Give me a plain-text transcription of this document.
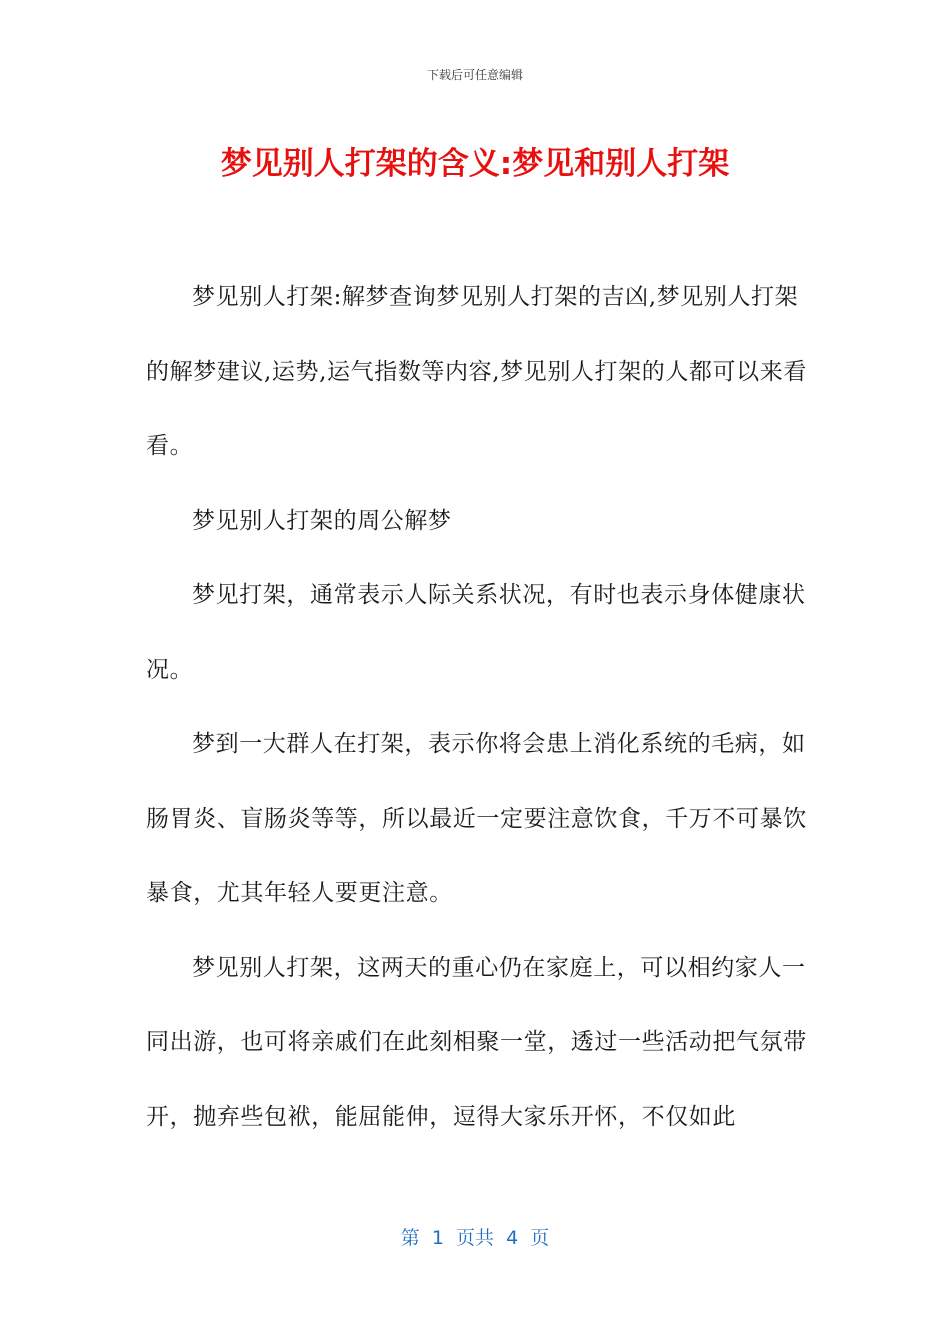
下载后可任意编辑
梦见别人打架的含义:梦见和别人打架

梦见别人打架:解梦查询梦见别人打架的吉凶,梦见别人打架的解梦建议,运势,运气指数等内容,梦见别人打架的人都可以来看看。

梦见别人打架的周公解梦

梦见打架，通常表示人际关系状况，有时也表示身体健康状况。

梦到一大群人在打架，表示你将会患上消化系统的毛病，如肠胃炎、盲肠炎等等，所以最近一定要注意饮食，千万不可暴饮暴食，尤其年轻人要更注意。

梦见别人打架，这两天的重心仍在家庭上，可以相约家人一同出游，也可将亲戚们在此刻相聚一堂，透过一些活动把气氛带开，抛弃些包袱，能屈能伸，逗得大家乐开怀，不仅如此

第  1  页共  4  页
